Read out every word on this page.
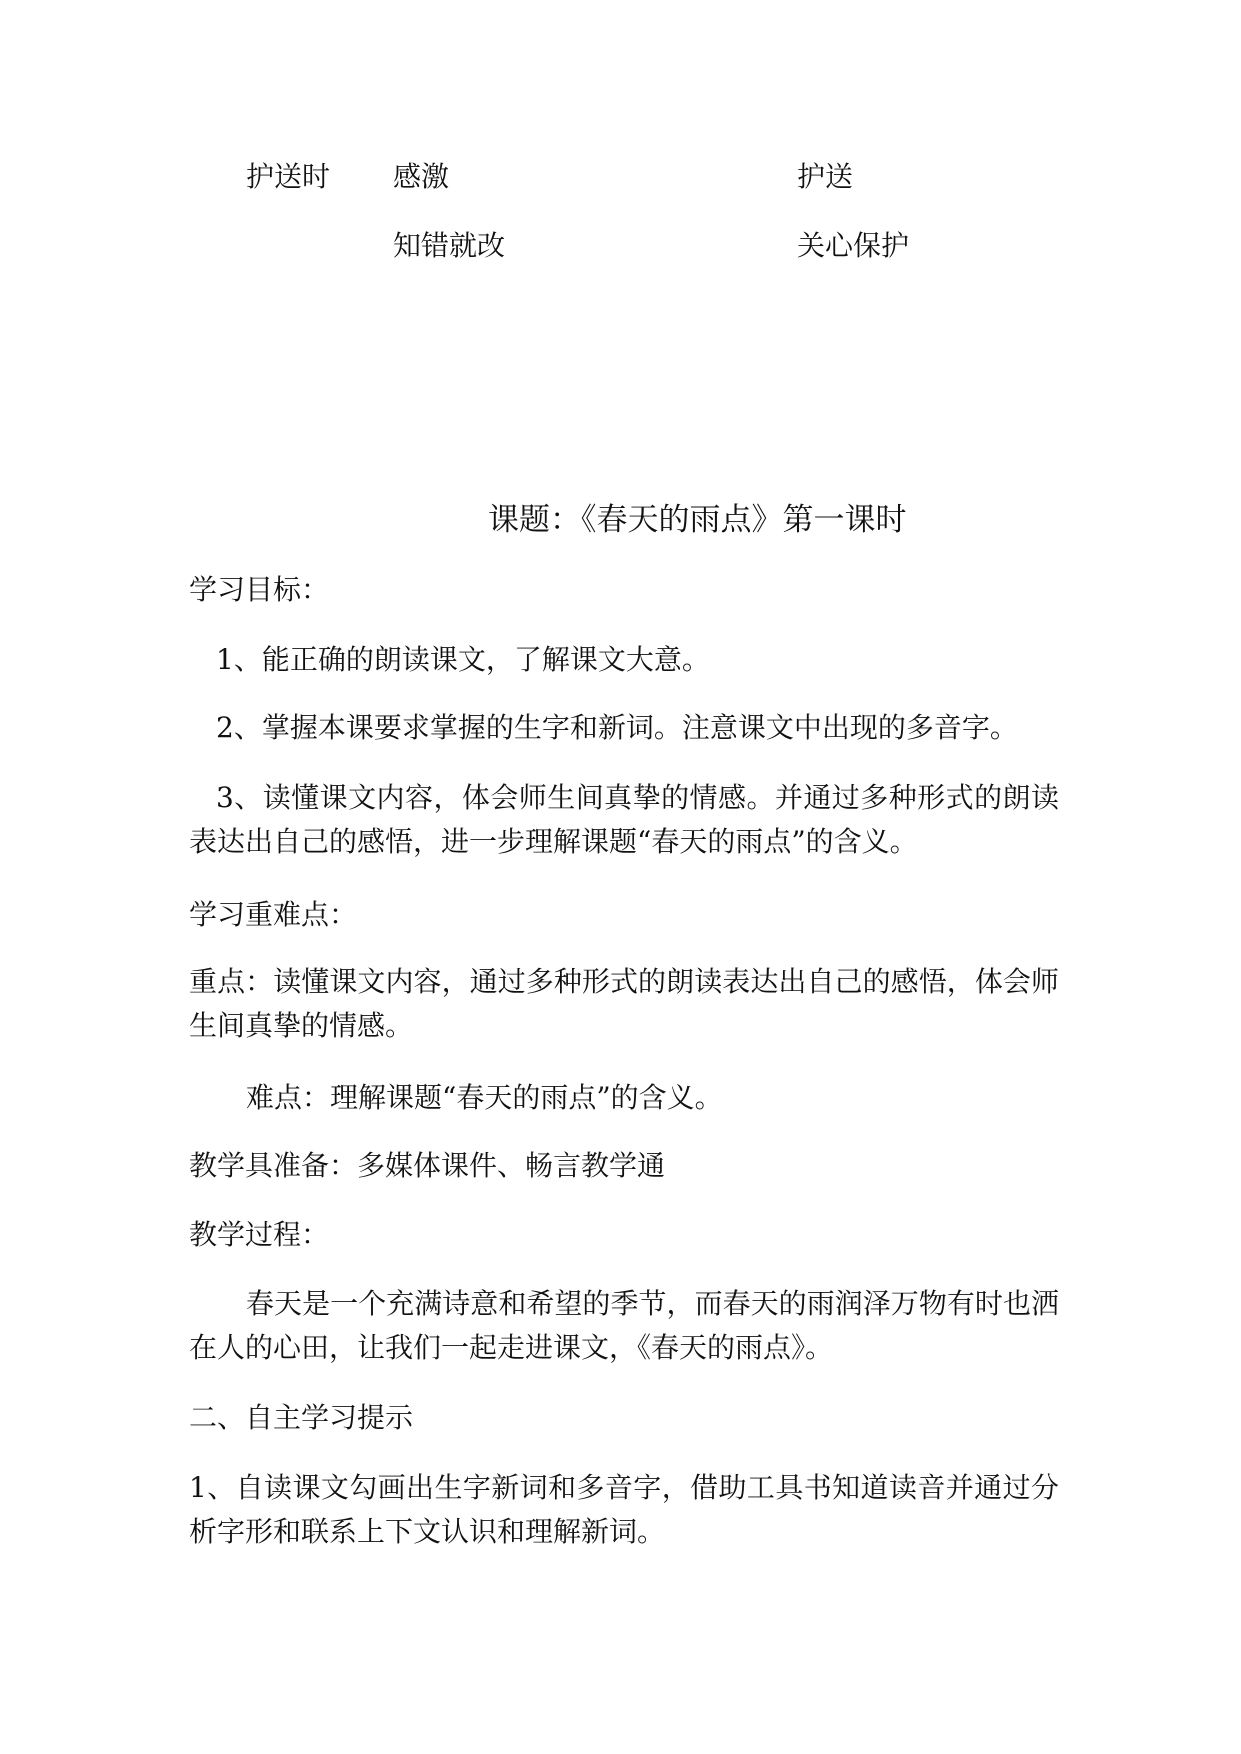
护送时 感激	护送
知错就改	关心保护
课题：《春天的雨点》第一课时
学习目标：
1、能正确的朗读课文，了解课文大意。
2、掌握本课要求掌握的生字和新词。注意课文中出现的多音字。

3、读懂课文内容，体会师生间真挚的情感。并通过多种形式的朗读表达出自己的感悟，进一步理解课题“春天的雨点”的含义。

学习重难点：

重点：读懂课文内容，通过多种形式的朗读表达出自己的感悟，体会师生间真挚的情感。

难点：理解课题“春天的雨点”的含义。
教学具准备：多媒体课件、畅言教学通
教学过程：

春天是一个充满诗意和希望的季节，而春天的雨润泽万物有时也洒在人的心田，让我们一起走进课文，《春天的雨点》。

二、自主学习提示

1、自读课文勾画出生字新词和多音字，借助工具书知道读音并通过分析字形和联系上下文认识和理解新词。
